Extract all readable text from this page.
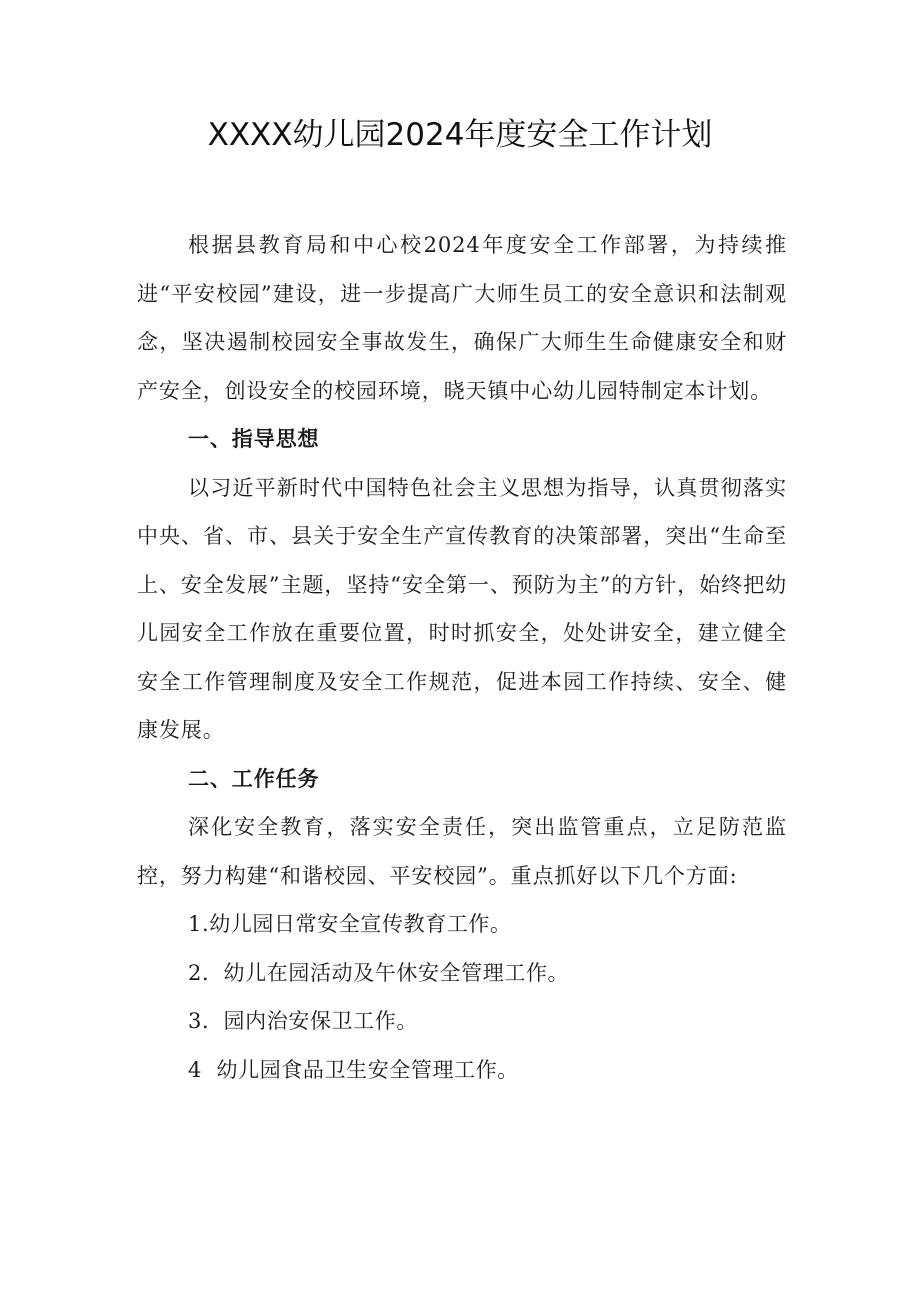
XXXX幼儿园2024年度安全工作计划

根据县教育局和中心校2024年度安全工作部署，为持续推进“平安校园”建设，进一步提高广大师生员工的安全意识和法制观念，坚决遏制校园安全事故发生，确保广大师生生命健康安全和财产安全，创设安全的校园环境，晓天镇中心幼儿园特制定本计划。

一、指导思想

以习近平新时代中国特色社会主义思想为指导，认真贯彻落实中央、省、市、县关于安全生产宣传教育的决策部署，突出“生命至上、安全发展”主题，坚持“安全第一、预防为主”的方针，始终把幼儿园安全工作放在重要位置，时时抓安全，处处讲安全，建立健全安全工作管理制度及安全工作规范，促进本园工作持续、安全、健康发展。

二、工作任务

深化安全教育，落实安全责任，突出监管重点，立足防范监控，努力构建“和谐校园、平安校园”。重点抓好以下几个方面:

1.幼儿园日常安全宣传教育工作。

2．幼儿在园活动及午休安全管理工作。

3．园内治安保卫工作。

4  幼儿园食品卫生安全管理工作。
